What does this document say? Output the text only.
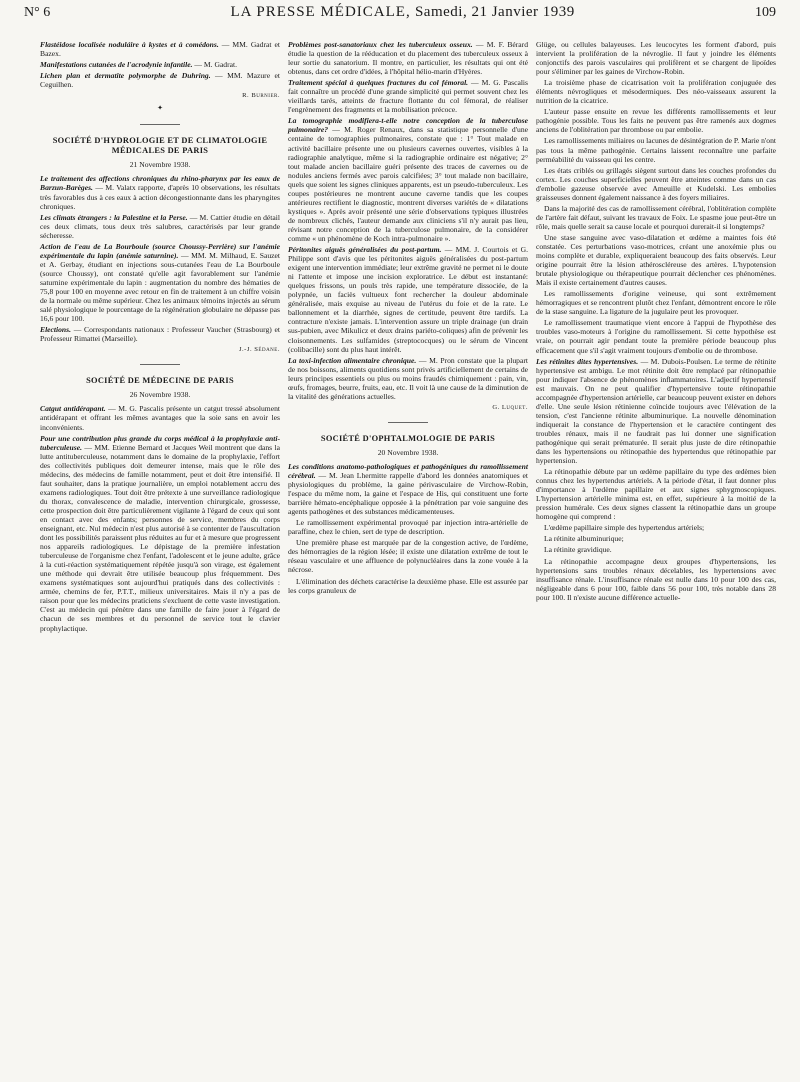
N° 6	LA PRESSE MÉDICALE, Samedi, 21 Janvier 1939	109

Flastéidose localisée noduláire à kystes et à comédons. — MM. Gadrat et Bazex.

Manifestations cutanées de l'acrodynie infantile. — M. Gadrat.

Lichen plan et dermatite polymorphe de Duhring. — MM. Mazure et Ceguilhen.

R. Burnier.
✦
SOCIÉTÉ D'HYDROLOGIE ET DE CLIMATOLOGIE MÉDICALES DE PARIS
21 Novembre 1938.

Le traitement des affections chroniques du rhino-pharynx par les eaux de Barzun-Barèges. — M. Valatx rapporte, d'après 10 observations, les résultats très favorables dus à ces eaux à action décongestionnante dans les pharyngites chroniques.

Les climats étrangers : la Palestine et la Perse. — M. Cattier étudie en détail ces deux climats, tous deux très salubres, caractérisés par leur grande sécheresse.

Action de l'eau de La Bourboule (source Choussy-Perrière) sur l'anémie expérimentale du lapin (anémie saturnine). — MM. M. Milhaud, E. Sauzet et A. Gerbay, étudiant en injections sous-cutanées l'eau de La Bourboule (source Choussy), ont constaté qu'elle agit favorablement sur l'anémie saturnine expérimentale du lapin : augmentation du nombre des hématies de 75,8 pour 100 en moyenne avec retour en fin de traitement à un chiffre voisin de la normale ou même supérieur. Chez les animaux témoins injectés au sérum salé physiologique le pourcentage de la régénération globulaire ne dépasse pas 16,6 pour 100.

Elections. — Correspondants nationaux : Professeur Vaucher (Strasbourg) et Professeur Rimattei (Marseille).

J.-J. Sédane.
SOCIÉTÉ DE MÉDECINE DE PARIS
26 Novembre 1938.

Catgut antidérapant. — M. G. Pascalis présente un catgut tressé absolument antidérapant et offrant les mêmes avantages que la soie sans en avoir les inconvénients.

Pour une contribution plus grande du corps médical à la prophylaxie anti-tuberculeuse. — MM. Etienne Bernard et Jacques Weil montrent que dans la lutte antituberculeuse, notamment dans le domaine de la prophylaxie, l'effort des collectivités publiques doit demeurer intense, mais que le rôle des médecins, des médecins de famille notamment, peut et doit être intensifié. Il faut souhaiter, dans la pratique journalière, un emploi notablement accru des examens radiologiques. Tout doit être prétexte à une surveillance radiologique du thorax, convalescence de maladie, intervention chirurgicale, grossesse, cette prospection doit être particulièrement vigilante à l'égard de ceux qui sont en contact avec des enfants; personnes de service, membres du corps enseignant, etc. Nul médecin n'est plus autorisé à se contenter de l'auscultation dont les possibilités paraissent plus réduites au fur et à mesure que progressent nos appareils radiologiques. Le dépistage de la première infestation tuberculeuse de l'organisme chez l'enfant, l'adolescent et le jeune adulte, grâce à la cuti-réaction systématiquement répétée jusqu'à son virage, est également une méthode qui devrait être utilisée beaucoup plus fréquemment. Des examens systématiques sont aujourd'hui pratiqués dans des collectivités : armée, chemins de fer, P.T.T., milieux universitaires. Mais il n'y a pas de raison pour que les médecins praticiens s'excluent de cette vaste investigation. C'est au médecin qui pénètre dans une famille de faire jouer à l'égard de chacun de ses membres et du personnel de service tout le clavier prophylactique.

Problèmes post-sanatoriaux chez les tuberculeux osseux. — M. F. Bérard étudie la question de la rééducation et du placement des tuberculeux osseux à leur sortie du sanatorium. Il montre, en particulier, les résultats qui ont été obtenus, dans cet ordre d'idées, à l'hôpital hélio-marin d'Hyères.

Traitement spécial à quelques fractures du col fémoral. — M. G. Pascalis fait connaître un procédé d'une grande simplicité qui permet souvent chez les vieillards tarés, atteints de fracture flottante du col fémoral, de réaliser l'engrènement des fragments et la mobilisation précoce.

La tomographie modifiera-t-elle notre conception de la tuberculose pulmonaire? — M. Roger Renaux, dans sa statistique personnelle d'une centaine de tomographies pulmonaires, constate que : 1° Tout malade en activité bacillaire présente une ou plusieurs cavernes ouvertes, visibles à la radiographie analytique, même si la radiographie ordinaire est négative; 2° tout malade ancien bacillaire guéri présente des traces de cavernes ou de nodules anciens fermés avec parois calcifiées; 3° tout malade non bacillaire, quels que soient les signes cliniques apparents, est un pseudo-tuberculeux. Les coupes postérieures ne montrent aucune caverne tandis que les coupes antérieures rectifient le diagnostic, montrent diverses variétés de « dilatations kystiques ». Après avoir présenté une série d'observations typiques illustrées de nombreux clichés, l'auteur demande aux cliniciens s'il n'y aurait pas lieu, révisant notre conception de la tuberculose pulmonaire, de la considérer comme « un phénomène de Koch intra-pulmonaire ».

Péritonites aiguës généralisées du post-partum. — MM. J. Courtois et G. Philippe sont d'avis que les péritonites aiguës généralisées du post-partum exigent une intervention immédiate; leur extrême gravité ne permet ni le doute ni l'attente et impose une incision exploratrice. Le début est instantané: quelques frissons, un pouls très rapide, une température dissociée, de la polypnée, un faciès vultueux font rechercher la douleur abdominale généralisée, mais exquise au niveau de l'utérus du foie et de la rate. Le ballonnement et la diarrhée, signes de certitude, peuvent être tardifs. La contracture n'existe jamais. L'intervention assure un triple drainage (un drain sus-pubien, avec Mikulicz et deux drains pariéto-coliques) afin de prévenir les cloisonnements. Les sulfamides (streptococques) ou le sérum de Vincent (colibacille) sont du plus haut intérêt.

La toxi-infection alimentaire chronique. — M. Pron constate que la plupart de nos boissons, aliments quotidiens sont privés artificiellement de certains de leurs principes essentiels ou plus ou moins fraudés chimiquement : pain, vin, œufs, fromages, beurre, fruits, eau, etc. Il voit là une cause de la diminution de la vitalité des générations actuelles.

G. Luquet.
SOCIÉTÉ D'OPHTALMOLOGIE DE PARIS
20 Novembre 1938.

Les conditions anatomo-pathologiques et pathogéniques du ramollissement cérébral. — M. Jean Lhermitte rappelle d'abord les données anatomiques et physiologiques du problème, la gaine périvasculaire de Virchow-Robin, l'espace du même nom, la gaine et l'espace de His, qui constituent une forte barrière hémato-encéphalique opposée à la pénétration par voie sanguine des agents pathogènes et des substances médicamenteuses.

Le ramollissement expérimental provoqué par injection intra-artérielle de paraffine, chez le chien, sert de type de description.

Une première phase est marquée par de la congestion active, de l'œdème, des hémorragies de la région lésée; il existe une dilatation extrême de tout le réseau vasculaire et une affluence de polynucléaires dans la zone vouée à la nécrose.

L'élimination des déchets caractérise la deuxième phase. Elle est assurée par les corps granuleux de

Glüge, ou cellules balayeuses. Les leucocytes les forment d'abord, puis intervient la prolifération de la névroglie. Il faut y joindre les éléments conjonctifs des parois vasculaires qui prolifèrent et se chargent de lipoïdes pour s'éliminer par les gaines de Virchow-Robin.

La troisième phase de cicatrisation voit la prolifération conjuguée des éléments névrogliques et mésodermiques. Des néo-vaisseaux assurent la nutrition de la cicatrice.

L'auteur passe ensuite en revue les différents ramollissements et leur pathogénie possible. Tous les faits ne peuvent pas être ramenés aux dogmes anciens de l'oblitération par thrombose ou par embolie.

Les ramollissements miliaires ou lacunes de désintégration de P. Marie n'ont pas tous la même pathogénie. Certains laissent reconnaître une parfaite perméabilité du vaisseau qui les centre.

Les états criblés ou grillagés siègent surtout dans les couches profondes du cortex. Les couches superficielles peuvent être atteintes comme dans un cas d'embolie gazeuse observée avec Ameuille et Kudelski. Les embolies graisseuses donnent également naissance à des foyers miliaires.

Dans la majorité des cas de ramollissement cérébral, l'oblitération complète de l'artère fait défaut, suivant les travaux de Foix. Le spasme joue peut-être un rôle, mais quelle serait sa cause locale et pourquoi durerait-il si longtemps?

Une stase sanguine avec vaso-dilatation et œdème a maintes fois été constatée. Ces perturbations vaso-motrices, créant une anoxémie plus ou moins complète et durable, expliqueraient beaucoup des faits observés. Leur origine pourrait être la lésion athéroscléreuse des artères. L'hypotension brutale physiologique ou thérapeutique pourrait déclencher ces phénomènes. Mais il existe certainement d'autres causes.

Les ramollissements d'origine veineuse, qui sont extrêmement hémorragiques et se rencontrent plutôt chez l'enfant, démontrent encore le rôle de la stase sanguine. La ligature de la jugulaire peut les provoquer.

Le ramollissement traumatique vient encore à l'appui de l'hypothèse des troubles vaso-moteurs à l'origine du ramollissement. Si cette hypothèse est vraie, on pourrait agir pendant toute la première période beaucoup plus efficacement que s'il s'agit vraiment toujours d'embolie ou de thrombose.

Les rétinites dites hypertensives. — M. Dubois-Poulsen. Le terme de rétinite hypertensive est ambigu. Le mot rétinite doit être remplacé par rétinopathie pour indiquer l'absence de phénomènes inflammatoires. L'adjectif hypertensif est mauvais. On ne peut qualifier d'hypertensive toute rétinopathie accompagnée d'hypertension artérielle, car beaucoup peuvent exister en dehors d'elle. Une seule lésion rétinienne coïncide toujours avec l'élévation de la tension, c'est l'ancienne rétinite albuminurique. La nouvelle dénomination indiquerait la constance de l'hypertension et le caractère contingent des troubles rénaux, mais il ne faudrait pas lui donner une signification pathogénique qui serait prématurée. Il serait plus juste de dire rétinopathie dans les hypertensions ou rétinopathie des hypertendus que rétinopathie par hypertension.

La rétinopathie débute par un œdème papillaire du type des œdèmes bien connus chez les hypertendus artériels. A la période d'état, il faut donner plus d'importance à l'œdème papillaire et aux signes sphygmoscopiques. L'hypertension artérielle minima est, en effet, supérieure à la moitié de la pression humérale. Ces deux signes classent la rétinopathie dans un groupe homogène qui comprend :

L'œdème papillaire simple des hypertendus artériels;

La rétinite albuminurique;

La rétinite gravidique.

La rétinopathie accompagne deux groupes d'hypertensions, les hypertensions sans troubles rénaux décelables, les hypertensions avec insuffisance rénale. L'insuffisance rénale est nulle dans 10 pour 100 des cas, négligeable dans 6 pour 100, faible dans 56 pour 100, très notable dans 28 pour 100. Il n'existe aucune différence actuelle-
